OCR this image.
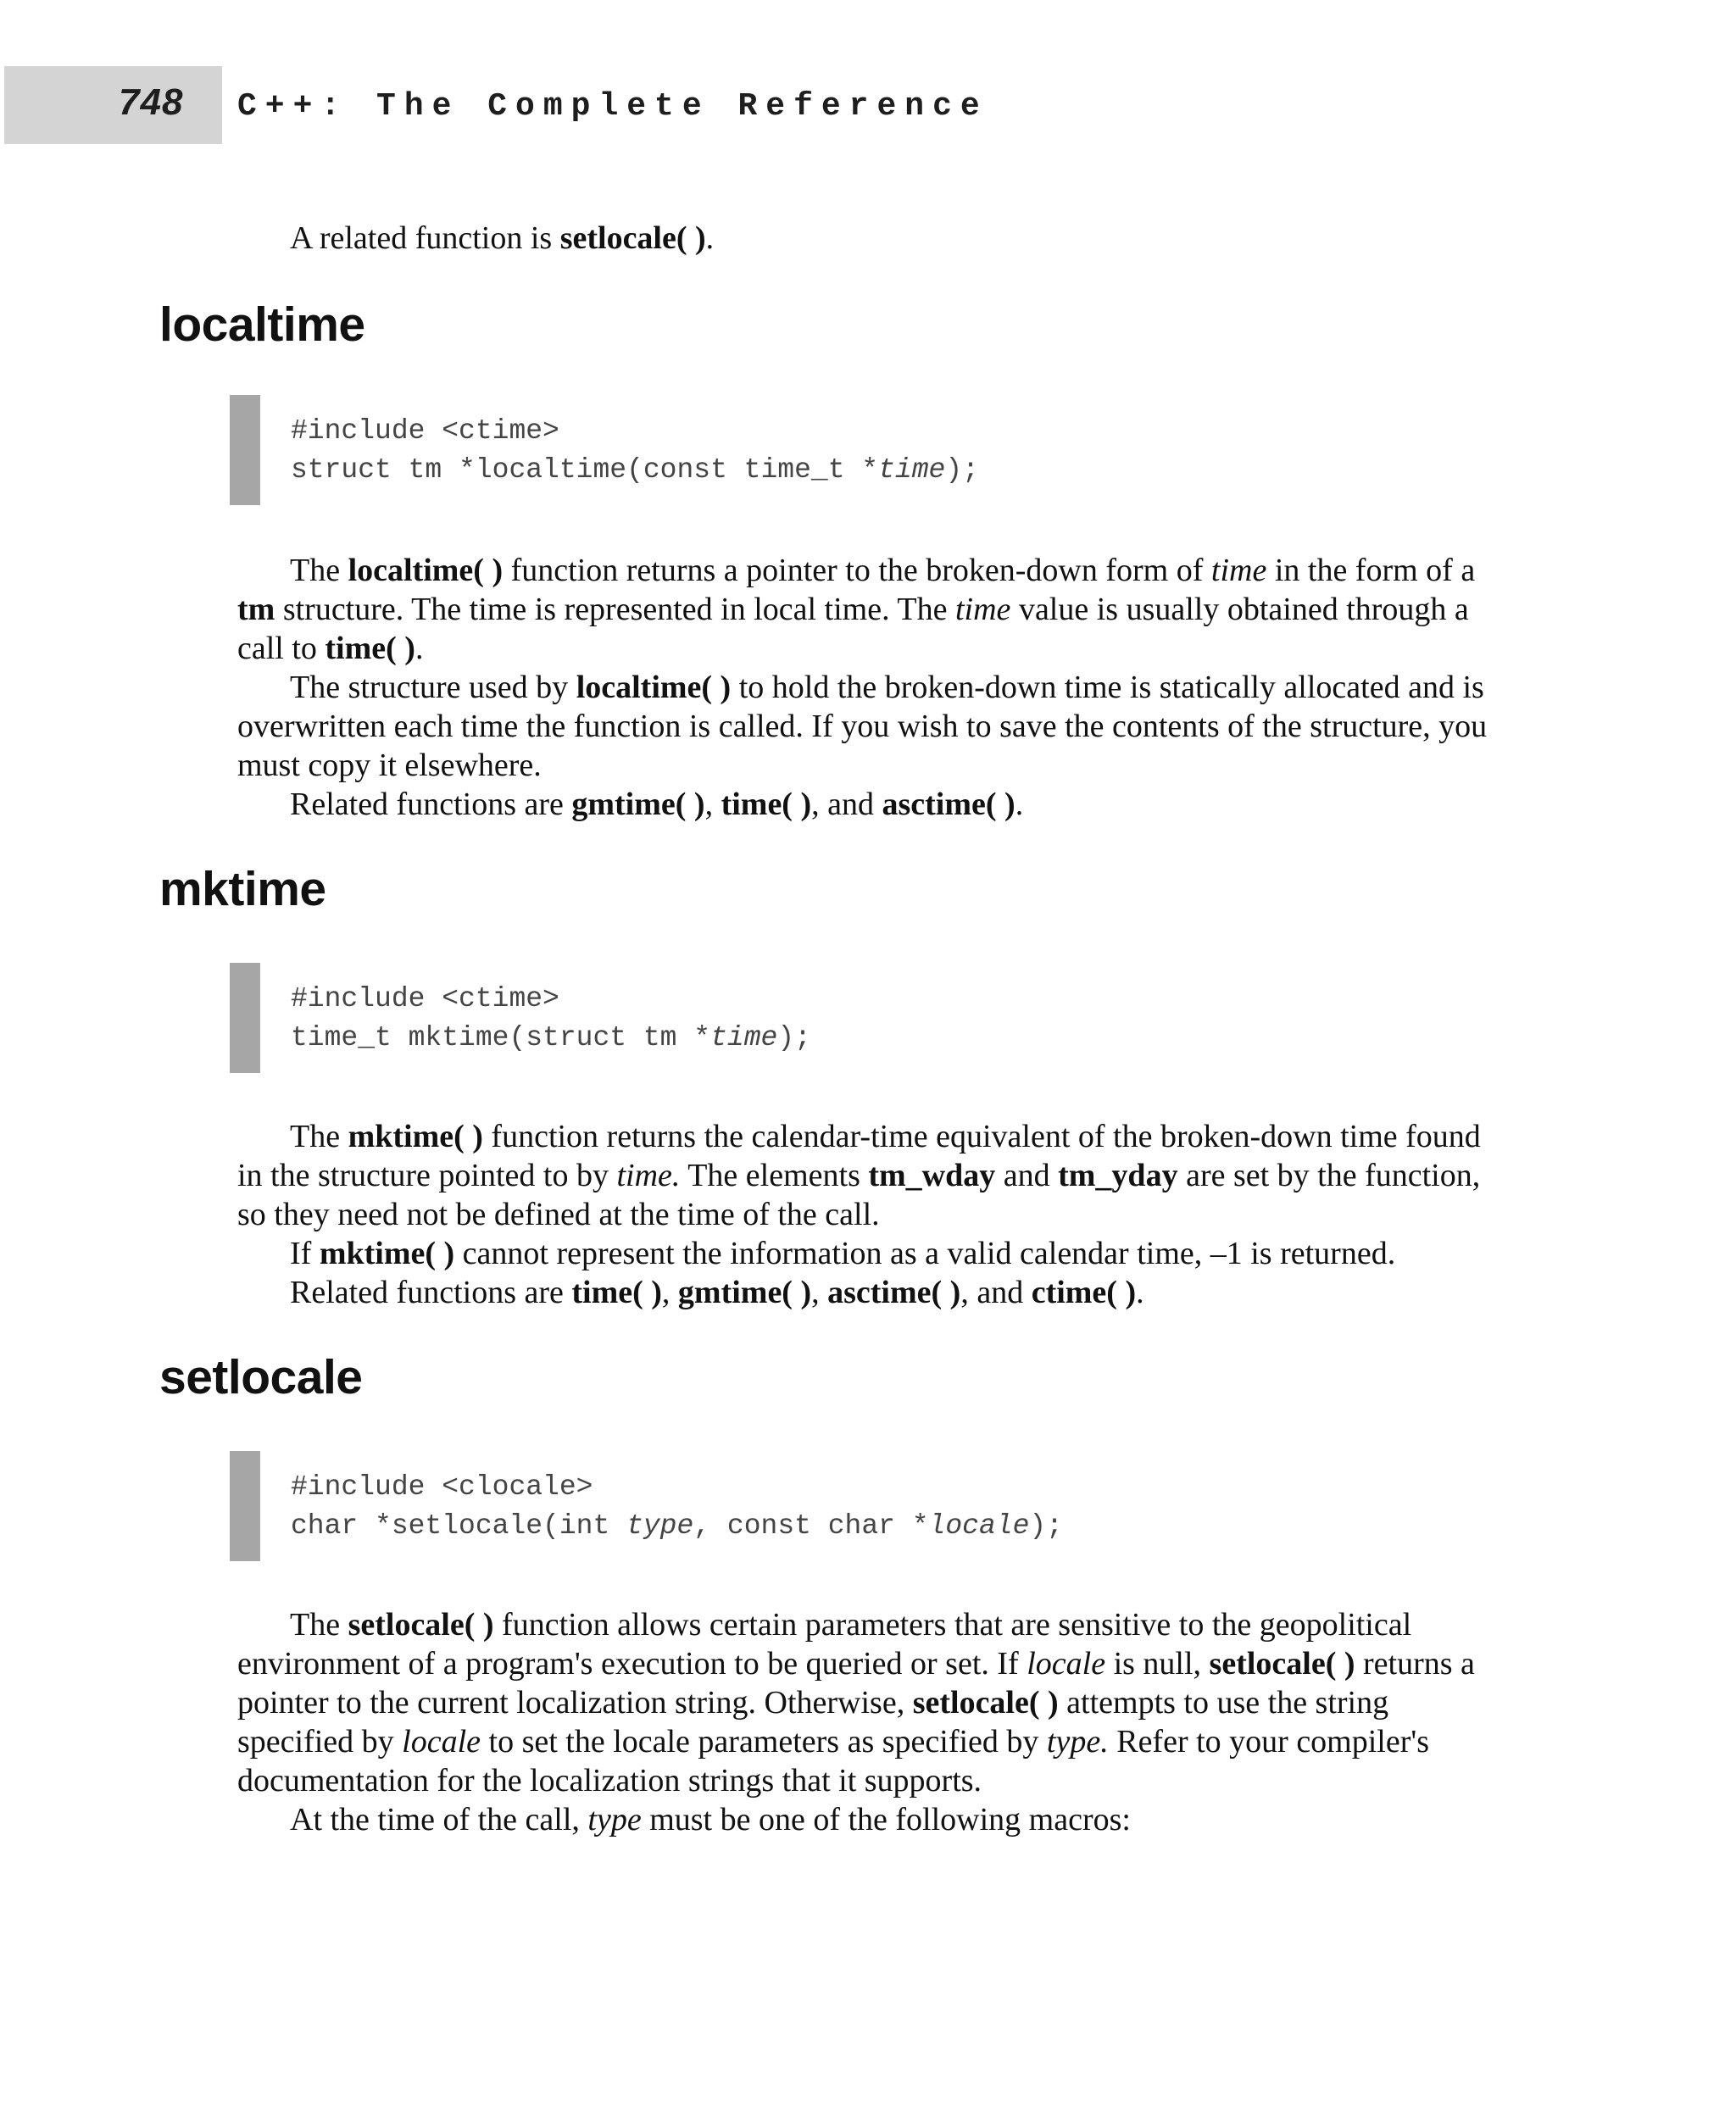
748 C++: The Complete Reference

A related function is setlocale( ).

localtime
#include <ctime>
struct tm *localtime(const time_t *time);

The localtime( ) function returns a pointer to the broken-down form of time in the form of a tm structure. The time is represented in local time. The time value is usually obtained through a call to time( ).

The structure used by localtime( ) to hold the broken-down time is statically allocated and is overwritten each time the function is called. If you wish to save the contents of the structure, you must copy it elsewhere.

Related functions are gmtime( ), time( ), and asctime( ).

mktime
#include <ctime>
time_t mktime(struct tm *time);

The mktime( ) function returns the calendar-time equivalent of the broken-down time found in the structure pointed to by time. The elements tm_wday and tm_yday are set by the function, so they need not be defined at the time of the call.

If mktime( ) cannot represent the information as a valid calendar time, –1 is returned.

Related functions are time( ), gmtime( ), asctime( ), and ctime( ).

setlocale
#include <clocale>
char *setlocale(int type, const char *locale);

The setlocale( ) function allows certain parameters that are sensitive to the geopolitical environment of a program's execution to be queried or set. If locale is null, setlocale( ) returns a pointer to the current localization string. Otherwise, setlocale( ) attempts to use the string specified by locale to set the locale parameters as specified by type. Refer to your compiler's documentation for the localization strings that it supports.

At the time of the call, type must be one of the following macros:
